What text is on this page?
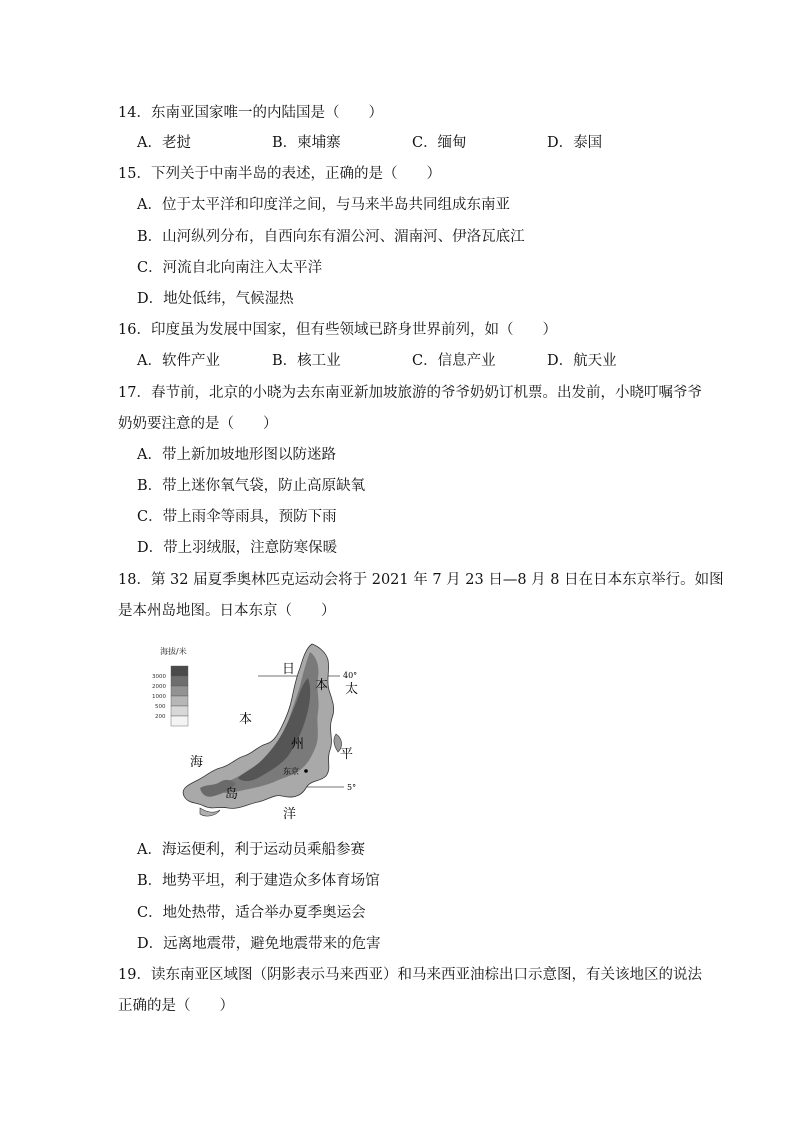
14．东南亚国家唯一的内陆国是（　　）
A．老挝	B．柬埔寨	C．缅甸	D．泰国
15．下列关于中南半岛的表述，正确的是（　　）
A．位于太平洋和印度洋之间，与马来半岛共同组成东南亚
B．山河纵列分布，自西向东有湄公河、湄南河、伊洛瓦底江
C．河流自北向南注入太平洋
D．地处低纬，气候湿热
16．印度虽为发展中国家，但有些领域已跻身世界前列，如（　　）
A．软件产业	B．核工业	C．信息产业	D．航天业
17．春节前，北京的小晓为去东南亚新加坡旅游的爷爷奶奶订机票。出发前，小晓叮嘱爷爷
奶奶要注意的是（　　）
A．带上新加坡地形图以防迷路
B．带上迷你氧气袋，防止高原缺氧
C．带上雨伞等雨具，预防下雨
D．带上羽绒服，注意防寒保暖
18．第 32 届夏季奥林匹克运动会将于 2021 年 7 月 23 日—8 月 8 日在日本东京举行。如图
是本州岛地图。日本东京（　　）
海拔/米
3000
2000
1000
500
200
日
本
海
本
州
岛
太
平
洋
东京
40°
5°
A．海运便利，利于运动员乘船参赛
B．地势平坦，利于建造众多体育场馆
C．地处热带，适合举办夏季奥运会
D．远离地震带，避免地震带来的危害
19．读东南亚区域图（阴影表示马来西亚）和马来西亚油棕出口示意图，有关该地区的说法
正确的是（　　）
